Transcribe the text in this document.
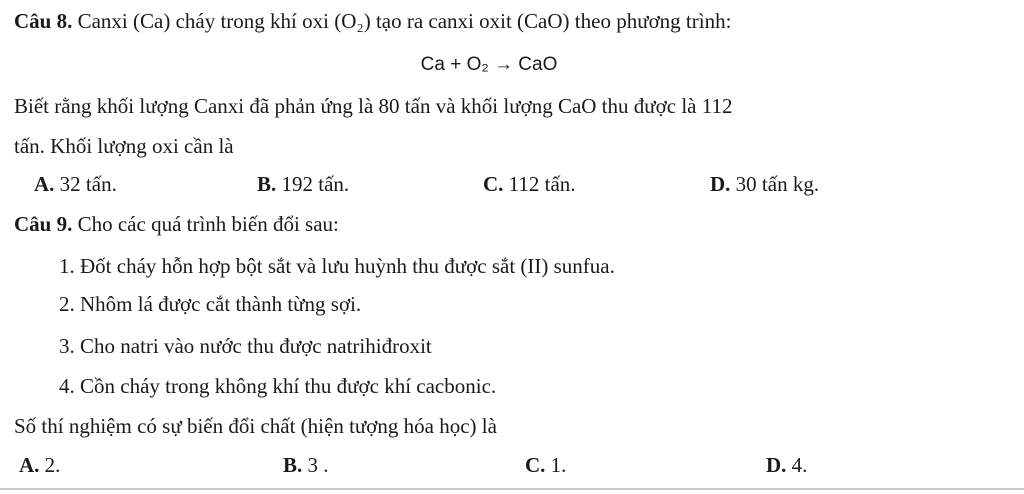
Câu 8. Canxi (Ca) cháy trong khí oxi (O₂) tạo ra canxi oxit (CaO) theo phương trình:
Ca + O₂ → CaO
Biết rằng khối lượng Canxi đã phản ứng là 80 tấn và khối lượng CaO thu được là 112
tấn. Khối lượng oxi cần là
A. 32 tấn.	B. 192 tấn.	C. 112 tấn.	D. 30 tấn kg.
Câu 9. Cho các quá trình biến đổi sau:
1. Đốt cháy hỗn hợp bột sắt và lưu huỳnh thu được sắt (II) sunfua.
2. Nhôm lá được cắt thành từng sợi.
3. Cho natri vào nước thu được natrihiđroxit
4. Cồn cháy trong không khí thu được khí cacbonic.
Số thí nghiệm có sự biến đổi chất (hiện tượng hóa học) là
A. 2.	B. 3 .	C. 1.	D. 4.
